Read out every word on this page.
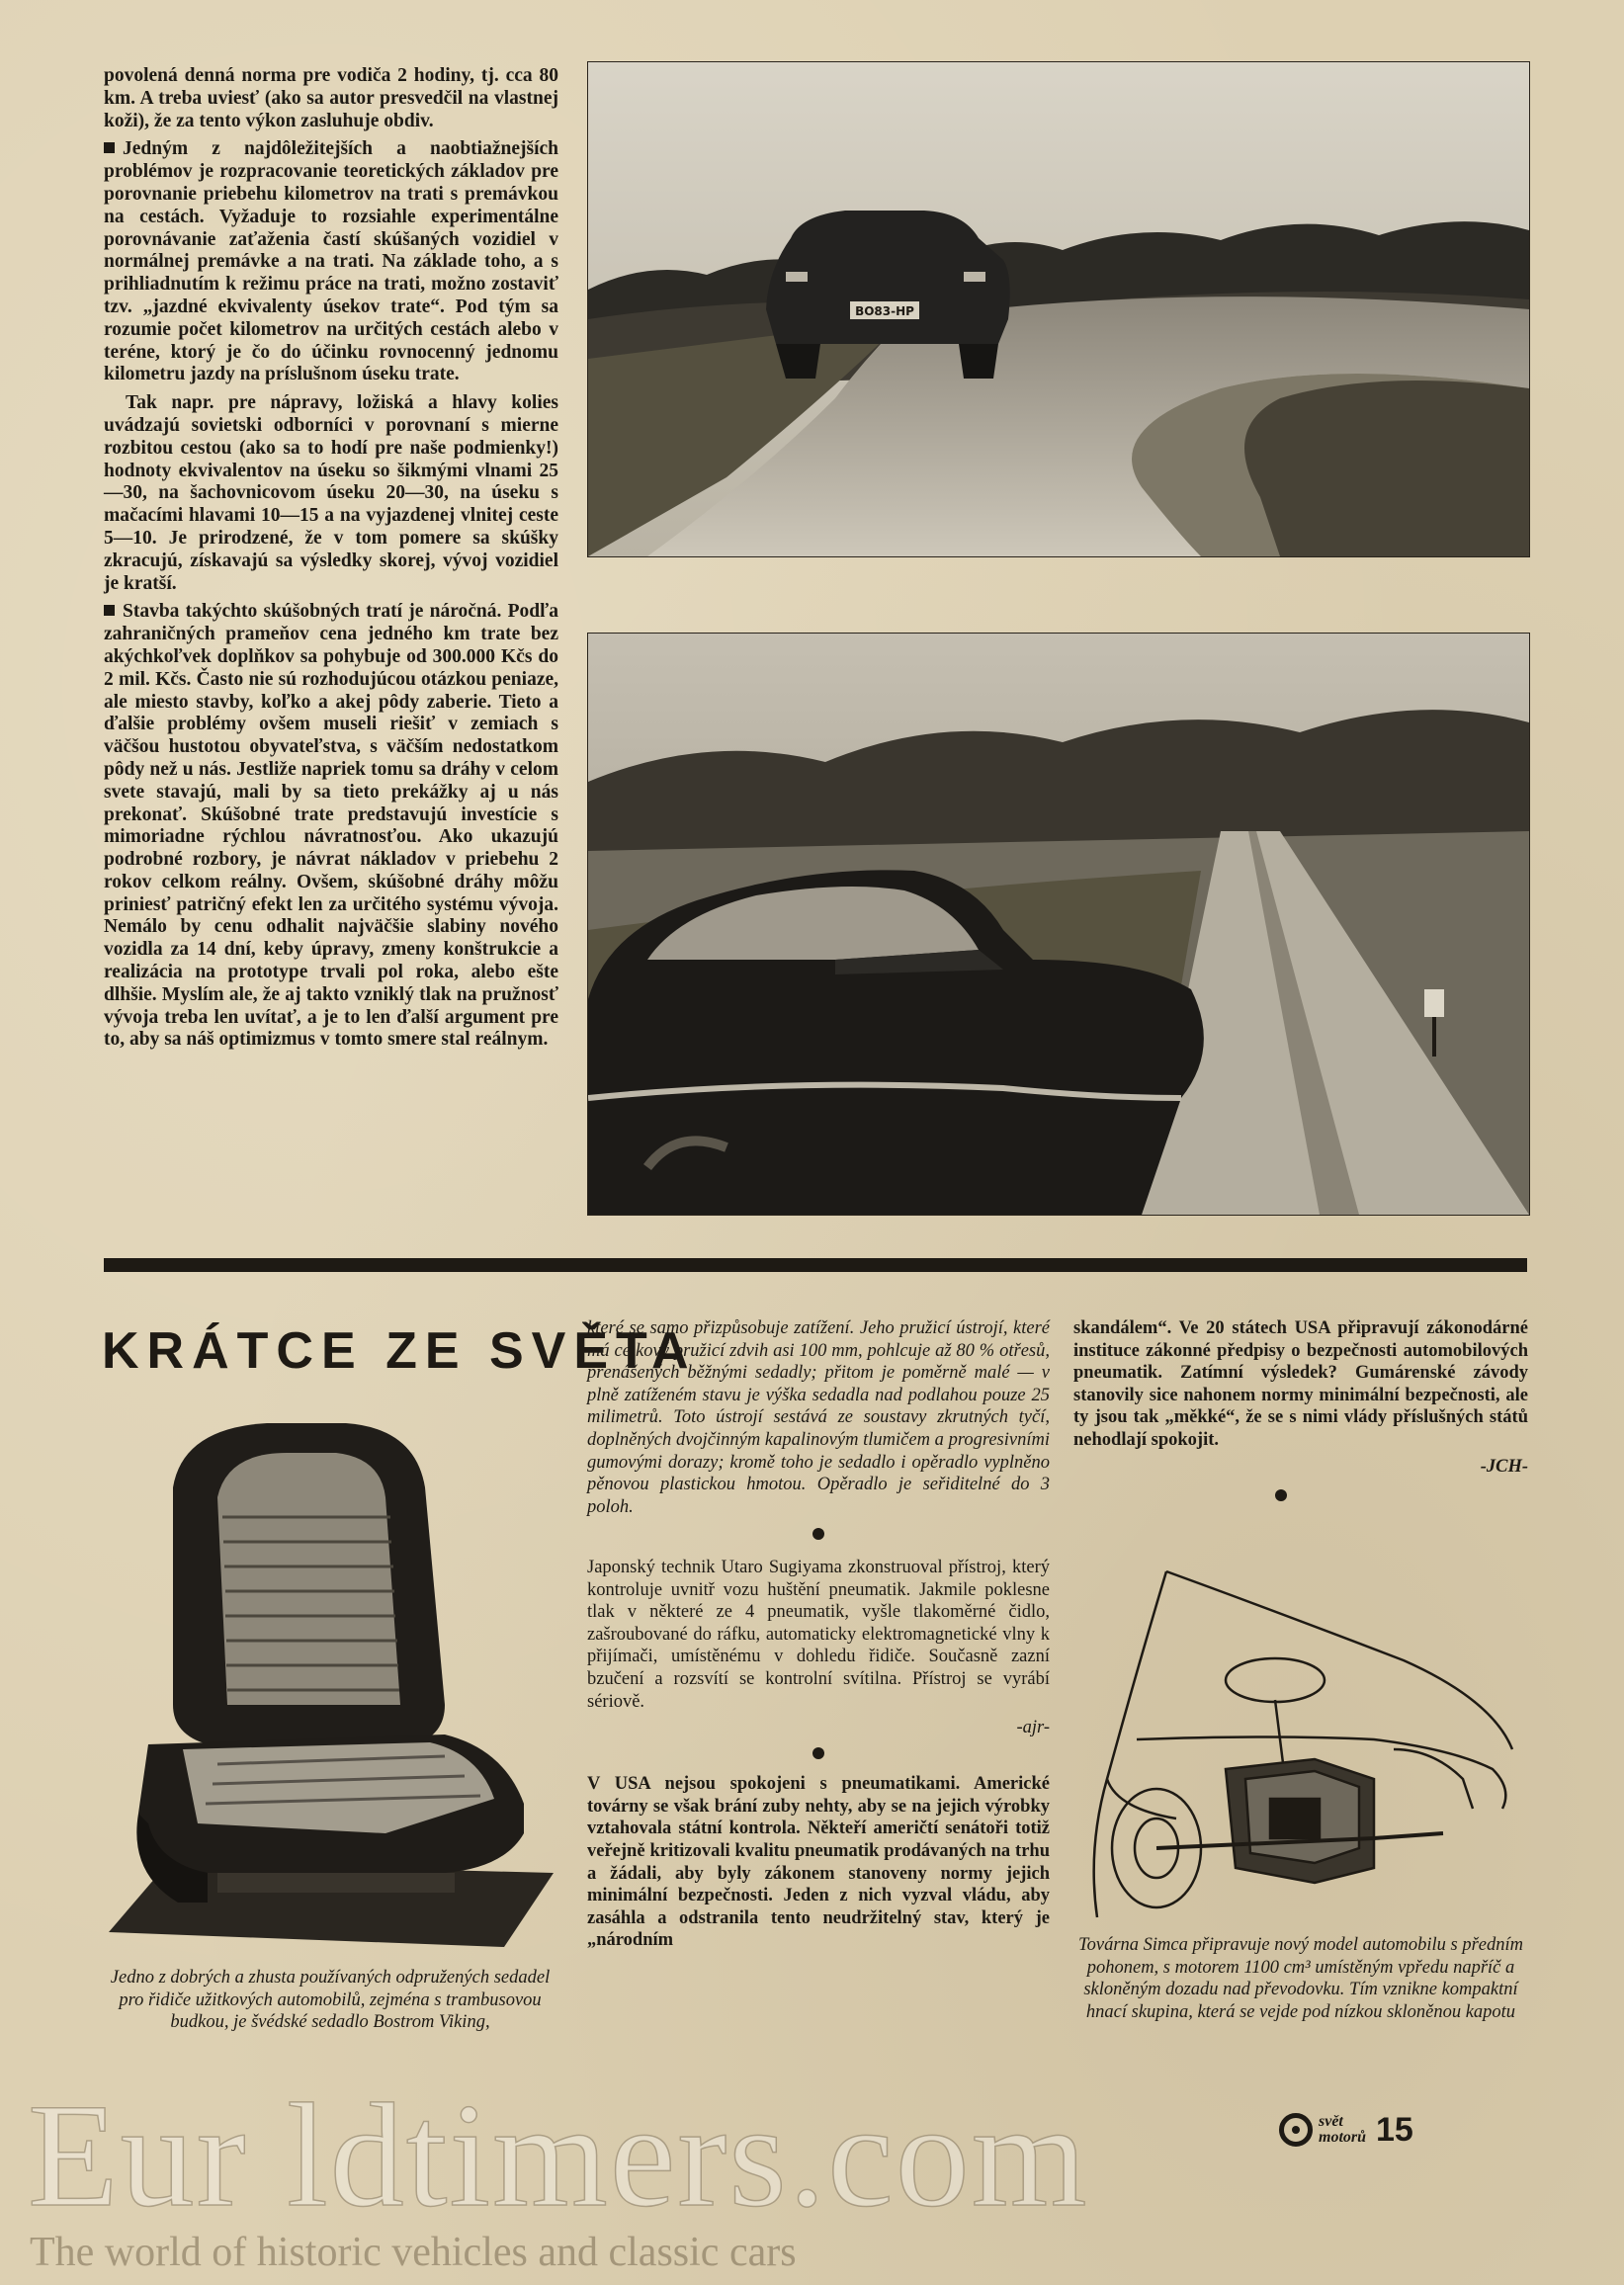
povolená denná norma pre vodiča 2 hodiny, tj. cca 80 km. A treba uviesť (ako sa autor presvedčil na vlastnej koži), že za tento výkon zasluhuje obdiv.

Jedným z najdôležitejších a naobtiažnejších problémov je rozpracovanie teoretických základov pre porovnanie priebehu kilometrov na trati s premávkou na cestách. Vyžaduje to rozsiahle experimentálne porovnávanie zaťaženia častí skúšaných vozidiel v normálnej premávke a na trati. Na základe toho, a s prihliadnutím k režimu práce na trati, možno zostaviť tzv. „jazdné ekvivalenty úsekov trate“. Pod tým sa rozumie počet kilometrov na určitých cestách alebo v teréne, ktorý je čo do účinku rovnocenný jednomu kilometru jazdy na príslušnom úseku trate.

Tak napr. pre nápravy, ložiská a hlavy kolies uvádzajú sovietski odborníci v porovnaní s mierne rozbitou cestou (ako sa to hodí pre naše podmienky!) hodnoty ekvivalentov na úseku so šikmými vlnami 25—30, na šachovnicovom úseku 20—30, na úseku s mačacími hlavami 10—15 a na vyjazdenej vlnitej ceste 5—10. Je prirodzené, že v tom pomere sa skúšky zkracujú, získavajú sa výsledky skorej, vývoj vozidiel je kratší.

Stavba takýchto skúšobných tratí je náročná. Podľa zahraničných prameňov cena jedného km trate bez akýchkoľvek doplňkov sa pohybuje od 300.000 Kčs do 2 mil. Kčs. Často nie sú rozhodujúcou otázkou peniaze, ale miesto stavby, koľko a akej pôdy zaberie. Tieto a ďalšie problémy ovšem museli riešiť v zemiach s väčšou hustotou obyvateľstva, s väčším nedostatkom pôdy než u nás. Jestliže napriek tomu sa dráhy v celom svete stavajú, mali by sa tieto prekážky aj u nás prekonať. Skúšobné trate predstavujú investície s mimoriadne rýchlou návratnosťou. Ako ukazujú podrobné rozbory, je návrat nákladov v priebehu 2 rokov celkom reálny. Ovšem, skúšobné dráhy môžu priniesť patričný efekt len za určitého systému vývoja. Nemálo by cenu odhalit najväčšie slabiny nového vozidla za 14 dní, keby úpravy, zmeny konštrukcie a realizácia na prototype trvali pol roka, alebo ešte dlhšie. Myslím ale, že aj takto vzniklý tlak na pružnosť vývoja treba len uvítať, a je to len ďalší argument pre to, aby sa náš optimizmus v tomto smere stal reálnym.

BO83-HP
KRÁTCE ZE SVĚTA
Jedno z dobrých a zhusta používaných odpružených sedadel pro řidiče užitkových automobilů, zejména s trambusovou budkou, je švédské sedadlo Bostrom Viking,

které se samo přizpůsobuje zatížení. Jeho pružicí ústrojí, které má celkový pružicí zdvih asi 100 mm, pohlcuje až 80 % otřesů, přenášených běžnými sedadly; přitom je poměrně malé — v plně zatíženém stavu je výška sedadla nad podlahou pouze 25 milimetrů. Toto ústrojí sestává ze soustavy zkrutných tyčí, doplněných dvojčinným kapalinovým tlumičem a progresivními gumovými dorazy; kromě toho je sedadlo i opěradlo vyplněno pěnovou plastickou hmotou. Opěradlo je seřiditelné do 3 poloh.

Japonský technik Utaro Sugiyama zkonstruoval přístroj, který kontroluje uvnitř vozu huštění pneumatik. Jakmile poklesne tlak v některé ze 4 pneumatik, vyšle tlakoměrné čidlo, zašroubované do ráfku, automaticky elektromagnetické vlny k přijímači, umístěnému v dohledu řidiče. Současně zazní bzučení a rozsvítí se kontrolní svítilna. Přístroj se vyrábí sériově.

-ajr-

V USA nejsou spokojeni s pneumatikami. Americké továrny se však brání zuby nehty, aby se na jejich výrobky vztahovala státní kontrola. Někteří američtí senátoři totiž veřejně kritizovali kvalitu pneumatik prodávaných na trhu a žádali, aby byly zákonem stanoveny normy jejich minimální bezpečnosti. Jeden z nich vyzval vládu, aby zasáhla a odstranila tento neudržitelný stav, který je „národním

skandálem“. Ve 20 státech USA připravují zákonodárné instituce zákonné předpisy o bezpečnosti automobilových pneumatik. Zatímní výsledek? Gumárenské závody stanovily sice nahonem normy minimální bezpečnosti, ale ty jsou tak „měkké“, že se s nimi vlády příslušných států nehodlají spokojit.

-JCH-
Továrna Simca připravuje nový model automobilu s předním pohonem, s motorem 1100 cm³ umístěným vpředu napříč a skloněným dozadu nad převodovku. Tím vznikne kompaktní hnací skupina, která se vejde pod nízkou skloněnou kapotu
Eur ldtimers.com
The world of historic vehicles and classic cars
svět
motorů 15
